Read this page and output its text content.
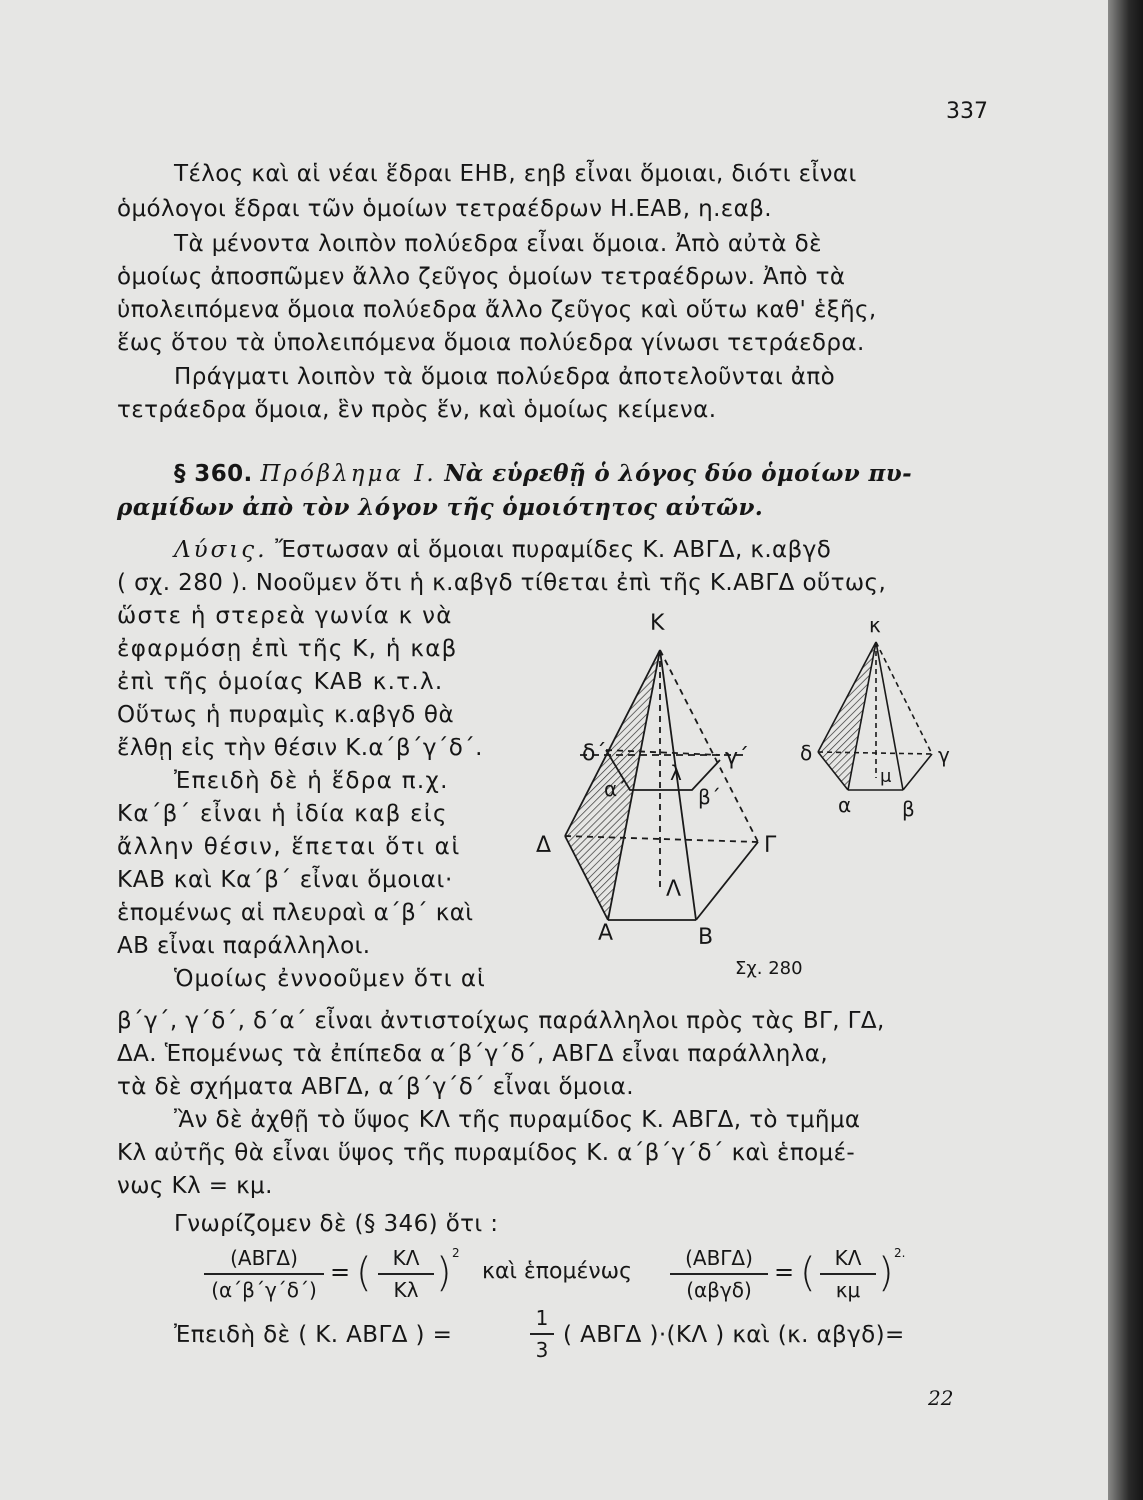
337
Τέλος καὶ αἱ νέαι ἕδραι ΕΗΒ, εηβ εἶναι ὅμοιαι, διότι εἶναι
ὁμόλογοι ἕδραι τῶν ὁμοίων τετραέδρων Η.ΕΑΒ, η.εαβ.
Τὰ μένοντα λοιπὸν πολύεδρα εἶναι ὅμοια. Ἀπὸ αὐτὰ δὲ
ὁμοίως ἀποσπῶμεν ἄλλο ζεῦγος ὁμοίων τετραέδρων. Ἀπὸ τὰ
ὑπολειπόμενα ὅμοια πολύεδρα ἄλλο ζεῦγος καὶ οὕτω καθ' ἑξῆς,
ἕως ὅτου τὰ ὑπολειπόμενα ὅμοια πολύεδρα γίνωσι τετράεδρα.
Πράγματι λοιπὸν τὰ ὅμοια πολύεδρα ἀποτελοῦνται ἀπὸ
τετράεδρα ὅμοια, ἓν πρὸς ἕν, καὶ ὁμοίως κείμενα.
§ 360. Πρόβλημα Ι. Νὰ εὑρεθῇ ὁ λόγος δύο ὁμοίων πυ-
ραμίδων ἀπὸ τὸν λόγον τῆς ὁμοιότητος αὐτῶν.
Λύσις. Ἔστωσαν αἱ ὅμοιαι πυραμίδες Κ. ΑΒΓΔ, κ.αβγδ
( σχ. 280 ). Νοοῦμεν ὅτι ἡ κ.αβγδ τίθεται ἐπὶ τῆς Κ.ΑΒΓΔ οὕτως,
ὥστε ἡ στερεὰ γωνία κ νὰ
ἐφαρμόσῃ ἐπὶ τῆς Κ, ἡ καβ
ἐπὶ τῆς ὁμοίας ΚΑΒ κ.τ.λ.
Οὕτως ἡ πυραμὶς κ.αβγδ θὰ
ἔλθῃ εἰς τὴν θέσιν Κ.α΄β΄γ΄δ΄.
Ἐπειδὴ δὲ ἡ ἕδρα π.χ.
Κα΄β΄ εἶναι ἡ ἰδία καβ εἰς
ἄλλην θέσιν, ἕπεται ὅτι αἱ
ΚΑΒ καὶ Κα΄β΄ εἶναι ὅμοιαι·
ἑπομένως αἱ πλευραὶ α΄β΄ καὶ
ΑΒ εἶναι παράλληλοι.
Ὁμοίως ἐννοοῦμεν ὅτι αἱ
β΄γ΄, γ΄δ΄, δ΄α΄ εἶναι ἀντιστοίχως παράλληλοι πρὸς τὰς ΒΓ, ΓΔ,
ΔΑ. Ἑπομένως τὰ ἐπίπεδα α΄β΄γ΄δ΄, ΑΒΓΔ εἶναι παράλληλα,
τὰ δὲ σχήματα ΑΒΓΔ, α΄β΄γ΄δ΄ εἶναι ὅμοια.
Ἂν δὲ ἀχθῇ τὸ ὕψος ΚΛ τῆς πυραμίδος Κ. ΑΒΓΔ, τὸ τμῆμα
Κλ αὐτῆς θὰ εἶναι ὕψος τῆς πυραμίδος Κ. α΄β΄γ΄δ΄ καὶ ἑπομέ-
νως Κλ = κμ.
Γνωρίζομεν δὲ (§ 346) ὅτι :
(ΑΒΓΔ)
(α΄β΄γ΄δ΄)
= (	ΚΛ
Κλ ) 2
καὶ ἑπομένως
(ΑΒΓΔ)
(αβγδ)
= ( ΚΛ
κμ ) 2.
Ἐπειδὴ δὲ ( Κ. ΑΒΓΔ ) =
1
3
( ΑΒΓΔ )·(ΚΛ ) καὶ (κ. αβγδ)=
22
Κ
δ΄	γ΄
α΄	β΄
λ
Δ	Γ
Λ
Α	Β
κ
δ	γ
μ
α	β
Σχ. 280
